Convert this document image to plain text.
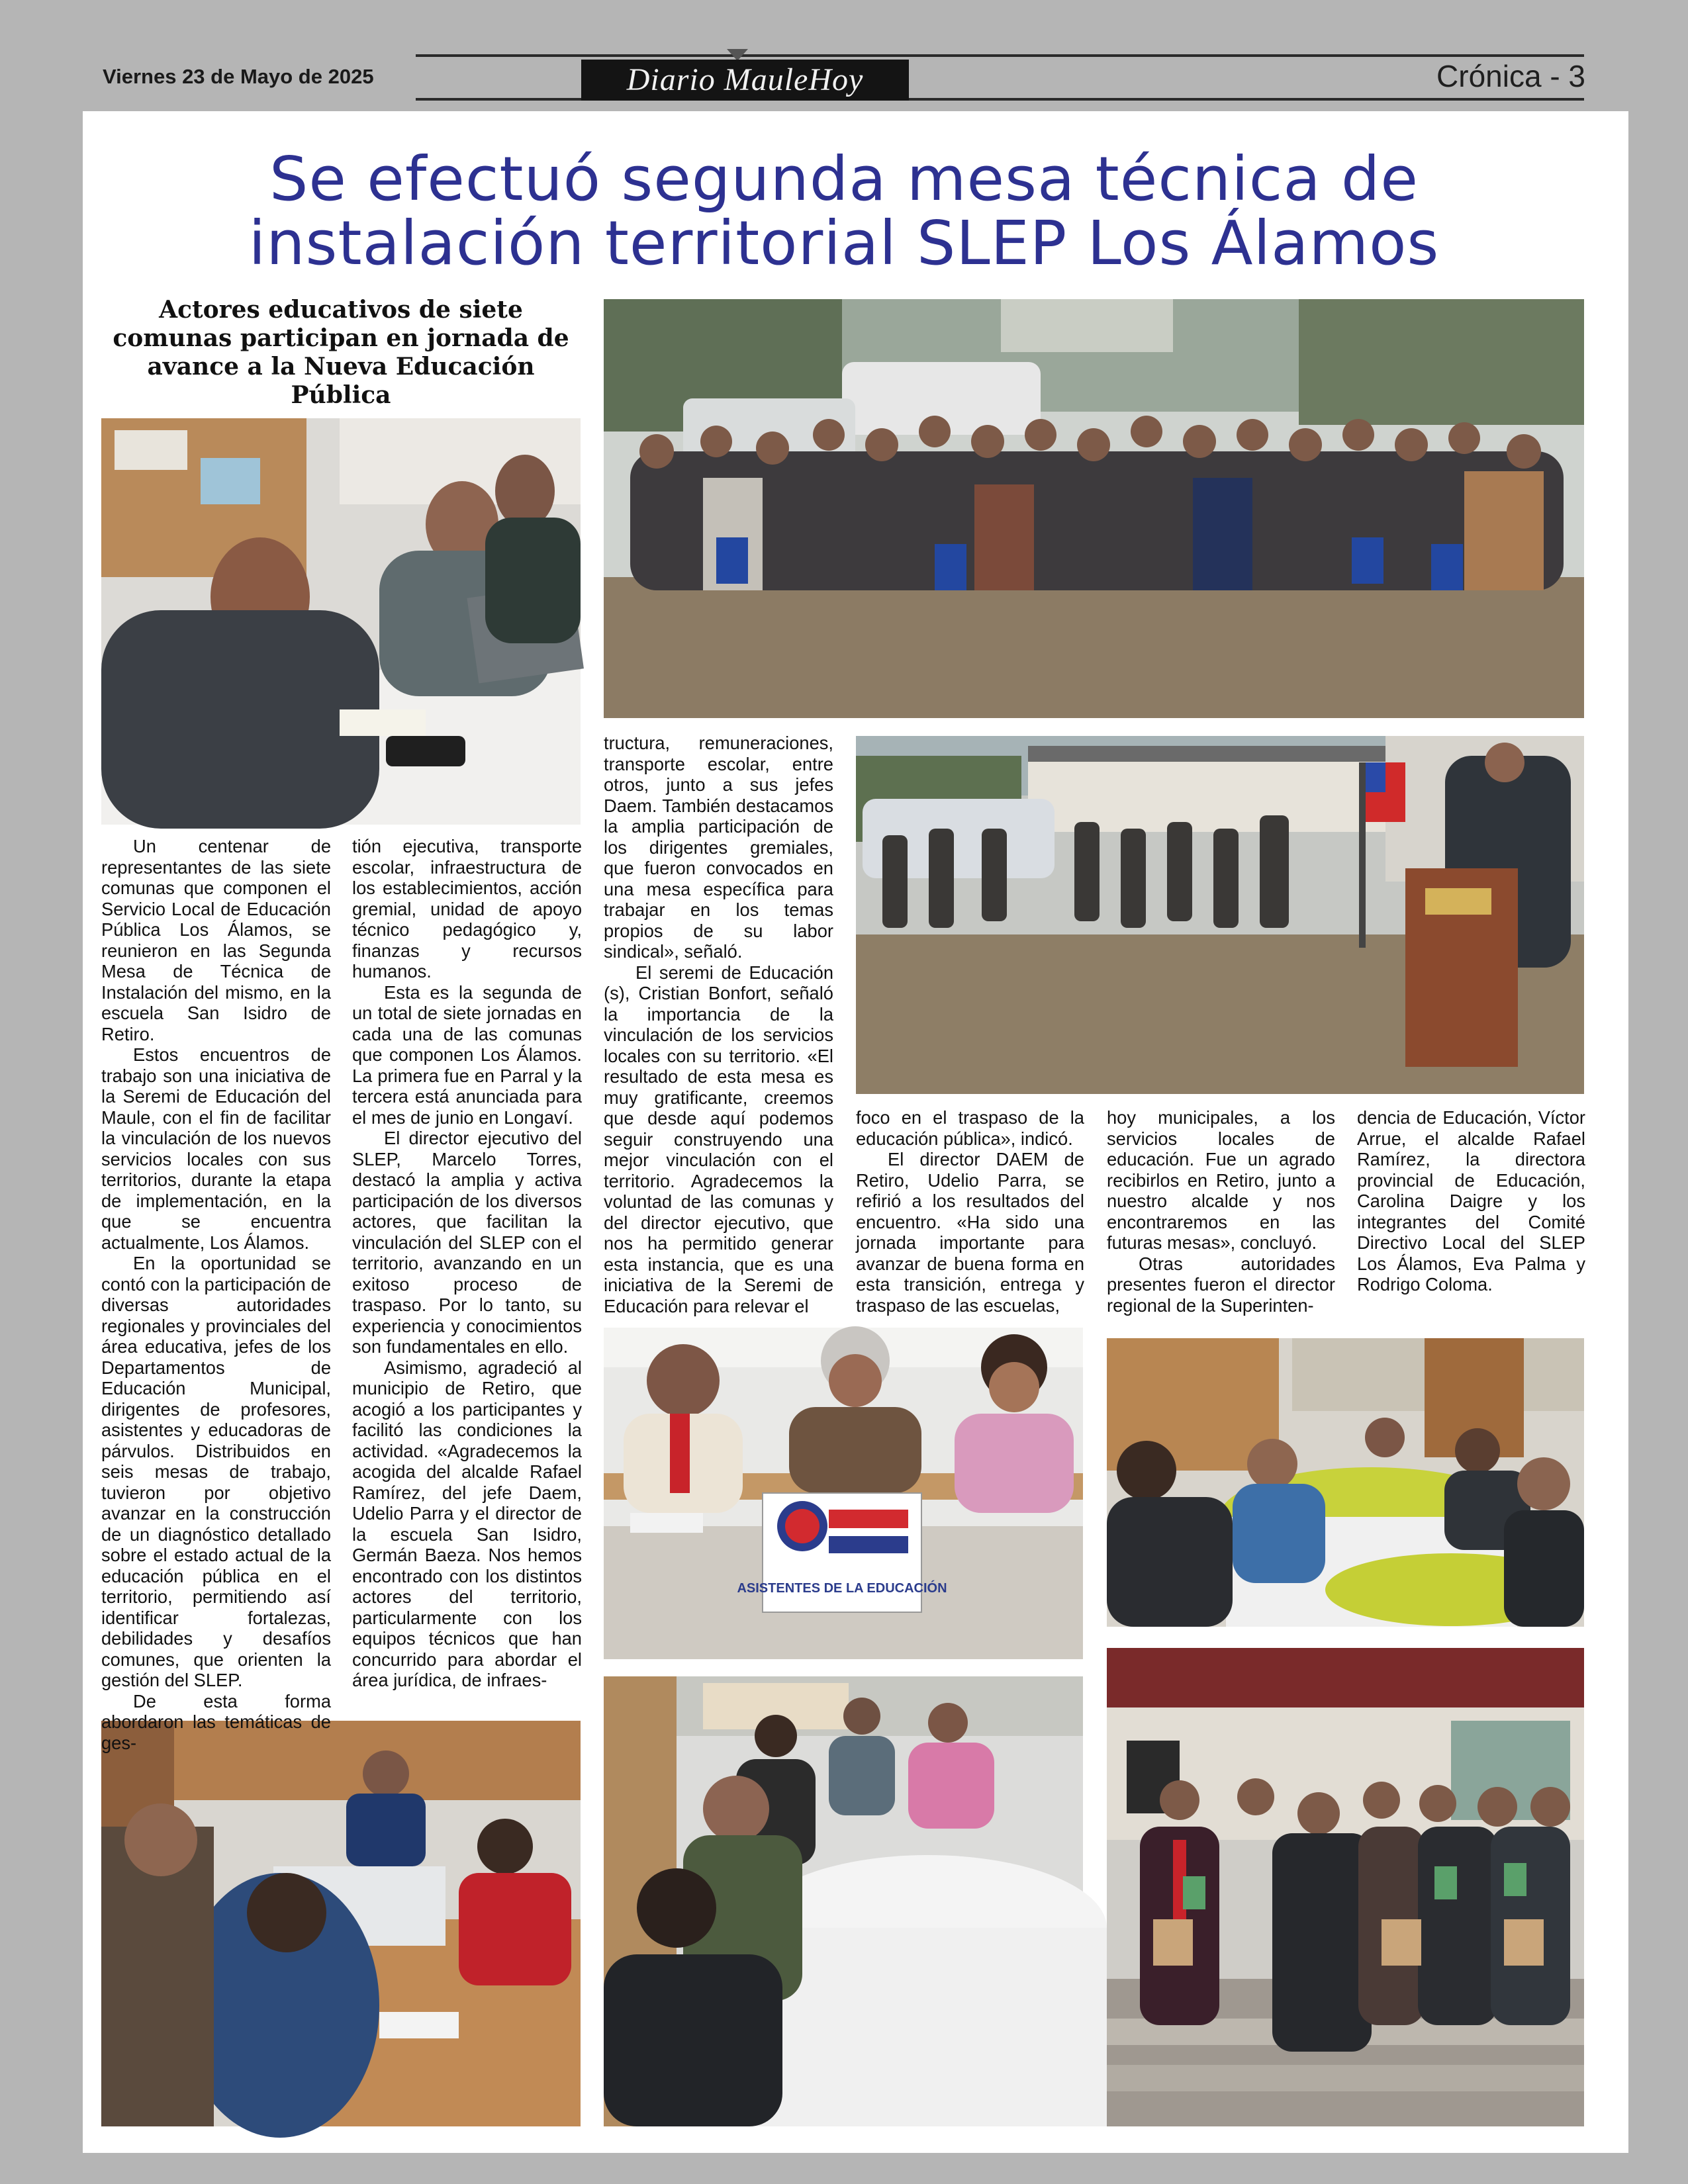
Viernes 23 de Mayo de 2025	Diario MauleHoy	Crónica - 3
Se efectuó segunda mesa técnica de
instalación territorial SLEP Los Álamos
Actores educativos de siete comunas participan en jornada de avance a la Nueva Educación Pública
ASISTENTES DE LA EDUCACIÓN

Un centenar de representantes de las siete comunas que componen el Servicio Local de Educación Pública Los Álamos, se reunieron en las Segunda Mesa de Técnica de Instalación del mismo, en la escuela San Isidro de Retiro.

Estos encuentros de trabajo son una iniciativa de la Seremi de Educación del Maule, con el fin de facilitar la vinculación de los nuevos servicios locales con sus territorios, durante la etapa de implementación, en la que se encuentra actualmente, Los Álamos.

En la oportunidad se contó con la participación de diversas autoridades regionales y provinciales del área educativa, jefes de los Departamentos de Educación Municipal, dirigentes de profesores, asistentes y educadoras de párvulos. Distribuidos en seis mesas de trabajo, tuvieron por objetivo avanzar en la construcción de un diagnóstico detallado sobre el estado actual de la educación pública en el territorio, permitiendo así identificar fortalezas, debilidades y desafíos comunes, que orienten la gestión del SLEP.

De esta forma abordaron las temáticas de ges-

tión ejecutiva, transporte escolar, infraestructura de los establecimientos, acción gremial, unidad de apoyo técnico pedagógico y, finanzas y recursos humanos.

Esta es la segunda de un total de siete jornadas en cada una de las comunas que componen Los Álamos. La primera fue en Parral y la tercera está anunciada para el mes de junio en Longaví.

El director ejecutivo del SLEP, Marcelo Torres, destacó la amplia y activa participación de los diversos actores, que facilitan la vinculación del SLEP con el territorio, avanzando en un exitoso proceso de traspaso. Por lo tanto, su experiencia y conocimientos son fundamentales en ello.

Asimismo, agradeció al municipio de Retiro, que acogió a los participantes y facilitó las condiciones la actividad. «Agradecemos la acogida del alcalde Rafael Ramírez, del jefe Daem, Udelio Parra y el director de la escuela San Isidro, Germán Baeza. Nos hemos encontrado con los distintos actores del territorio, particularmente con los equipos técnicos que han concurrido para abordar el área jurídica, de infraes-

tructura, remuneraciones, transporte escolar, entre otros, junto a sus jefes Daem. También destacamos la amplia participación de los dirigentes gremiales, que fueron convocados en una mesa específica para trabajar en los temas propios de su labor sindical», señaló.

El seremi de Educación (s), Cristian Bonfort, señaló la importancia de la vinculación de los servicios locales con su territorio. «El resultado de esta mesa es muy gratificante, creemos que desde aquí podemos seguir construyendo una mejor vinculación con el territorio. Agradecemos la voluntad de las comunas y del director ejecutivo, que nos ha permitido generar esta instancia, que es una iniciativa de la Seremi de Educación para relevar el

foco en el traspaso de la educación pública», indicó.

El director DAEM de Retiro, Udelio Parra, se refirió a los resultados del encuentro. «Ha sido una jornada importante para avanzar de buena forma en esta transición, entrega y traspaso de las escuelas,

hoy municipales, a los servicios locales de educación. Fue un agrado recibirlos en Retiro, junto a nuestro alcalde y nos encontraremos en las futuras mesas», concluyó.

Otras autoridades presentes fueron el director regional de la Superinten-

dencia de Educación, Víctor Arrue, el alcalde Rafael Ramírez, la directora provincial de Educación, Carolina Daigre y los integrantes del Comité Directivo Local del SLEP Los Álamos, Eva Palma y Rodrigo Coloma.
